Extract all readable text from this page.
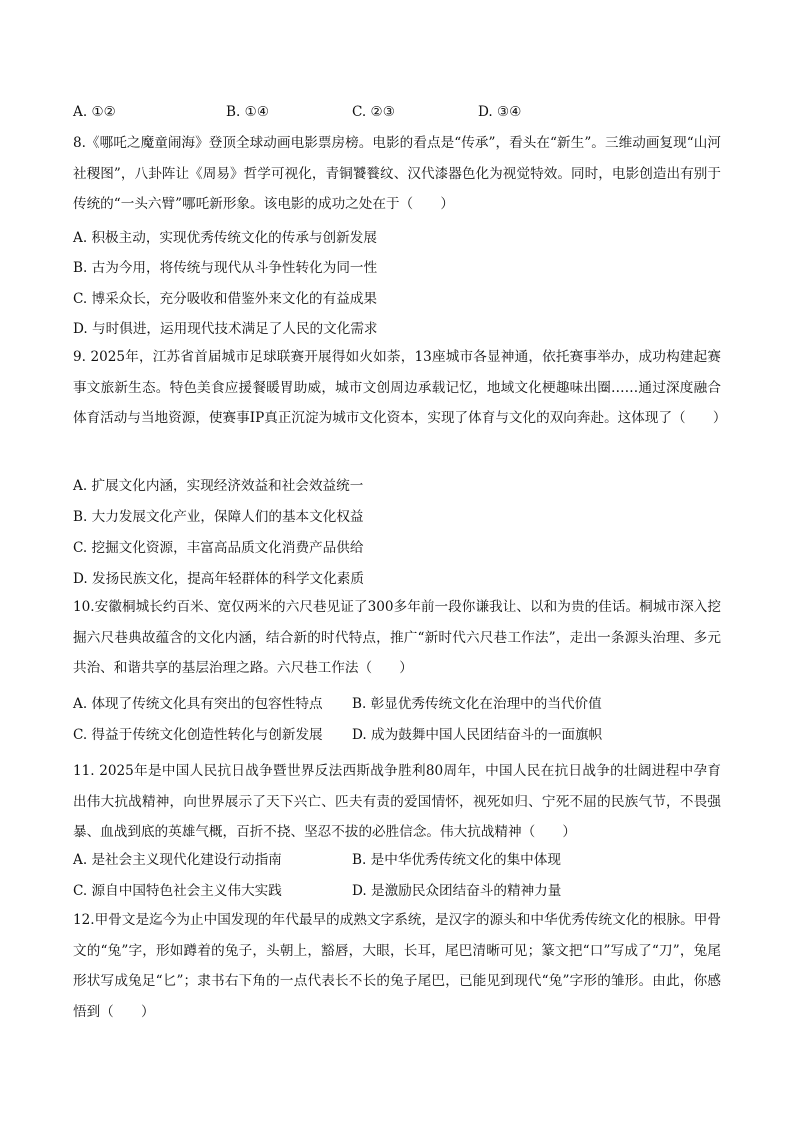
A. ①②	B. ①④	C. ②③	D. ③④
8.《哪吒之魔童闹海》登顶全球动画电影票房榜。电影的看点是“传承”，看头在“新生”。三维动画复现“山河社稷图”，八卦阵让《周易》哲学可视化，青铜饕餮纹、汉代漆器色化为视觉特效。同时，电影创造出有别于传统的“一头六臂”哪吒新形象。该电影的成功之处在于（　　）
A. 积极主动，实现优秀传统文化的传承与创新发展
B. 古为今用，将传统与现代从斗争性转化为同一性
C. 博采众长，充分吸收和借鉴外来文化的有益成果
D. 与时俱进，运用现代技术满足了人民的文化需求
9. 2025年，江苏省首届城市足球联赛开展得如火如荼，13座城市各显神通，依托赛事举办，成功构建起赛事文旅新生态。特色美食应援餐暖胃助威，城市文创周边承载记忆，地域文化梗趣味出圈……通过深度融合体育活动与当地资源，使赛事IP真正沉淀为城市文化资本，实现了体育与文化的双向奔赴。这体现了（　　）
A. 扩展文化内涵，实现经济效益和社会效益统一
B. 大力发展文化产业，保障人们的基本文化权益
C. 挖掘文化资源，丰富高品质文化消费产品供给
D. 发扬民族文化，提高年轻群体的科学文化素质
10.安徽桐城长约百米、宽仅两米的六尺巷见证了300多年前一段你谦我让、以和为贵的佳话。桐城市深入挖掘六尺巷典故蕴含的文化内涵，结合新的时代特点，推广“新时代六尺巷工作法”，走出一条源头治理、多元共治、和谐共享的基层治理之路。六尺巷工作法（　　）
A. 体现了传统文化具有突出的包容性特点 B. 彰显优秀传统文化在治理中的当代价值
C. 得益于传统文化创造性转化与创新发展 D. 成为鼓舞中国人民团结奋斗的一面旗帜
11. 2025年是中国人民抗日战争暨世界反法西斯战争胜利80周年，中国人民在抗日战争的壮阔进程中孕育出伟大抗战精神，向世界展示了天下兴亡、匹夫有责的爱国情怀，视死如归、宁死不屈的民族气节，不畏强暴、血战到底的英雄气概，百折不挠、坚忍不拔的必胜信念。伟大抗战精神（　　）
A. 是社会主义现代化建设行动指南	B. 是中华优秀传统文化的集中体现
C. 源自中国特色社会主义伟大实践	D. 是激励民众团结奋斗的精神力量
12.甲骨文是迄今为止中国发现的年代最早的成熟文字系统，是汉字的源头和中华优秀传统文化的根脉。甲骨文的“兔”字，形如蹲着的兔子，头朝上，豁唇，大眼，长耳，尾巴清晰可见；篆文把“口”写成了“刀”，兔尾形状写成兔足“匕”；隶书右下角的一点代表长不长的兔子尾巴，已能见到现代“兔”字形的雏形。由此，你感悟到（　　）
